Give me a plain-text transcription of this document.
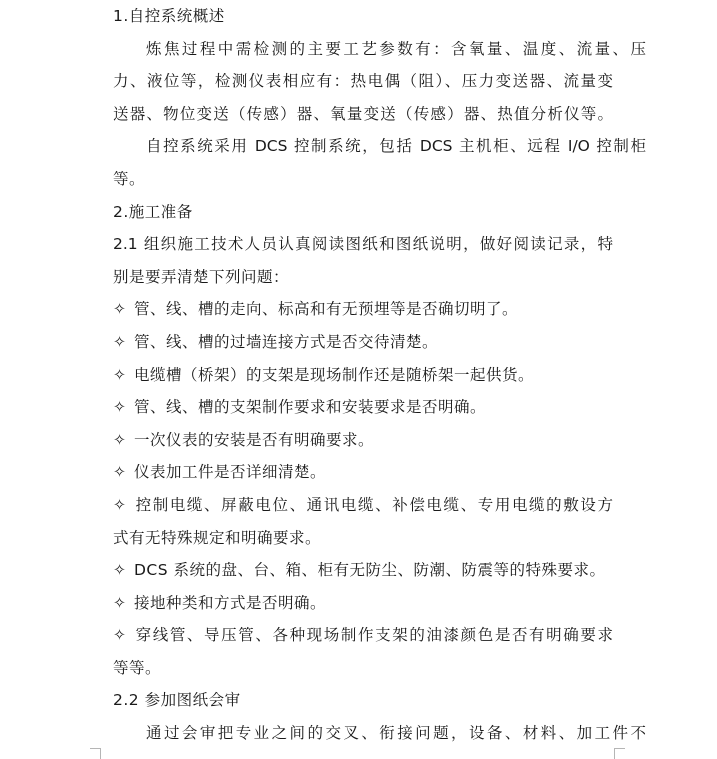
1.自控系统概述
炼焦过程中需检测的主要工艺参数有：含氧量、温度、流量、压
力、液位等，检测仪表相应有：热电偶（阻）、压力变送器、流量变
送器、物位变送（传感）器、氧量变送（传感）器、热值分析仪等。
自控系统采用 DCS 控制系统，包括 DCS 主机柜、远程 I/O 控制柜
等。
2.施工准备
2.1 组织施工技术人员认真阅读图纸和图纸说明，做好阅读记录，特
别是要弄清楚下列问题：
✧ 管、线、槽的走向、标高和有无预埋等是否确切明了。
✧ 管、线、槽的过墙连接方式是否交待清楚。
✧ 电缆槽（桥架）的支架是现场制作还是随桥架一起供货。
✧ 管、线、槽的支架制作要求和安装要求是否明确。
✧ 一次仪表的安装是否有明确要求。
✧ 仪表加工件是否详细清楚。
✧ 控制电缆、屏蔽电位、通讯电缆、补偿电缆、专用电缆的敷设方
式有无特殊规定和明确要求。
✧ DCS 系统的盘、台、箱、柜有无防尘、防潮、防震等的特殊要求。
✧ 接地种类和方式是否明确。
✧ 穿线管、导压管、各种现场制作支架的油漆颜色是否有明确要求
等等。
2.2 参加图纸会审
通过会审把专业之间的交叉、衔接问题，设备、材料、加工件不
